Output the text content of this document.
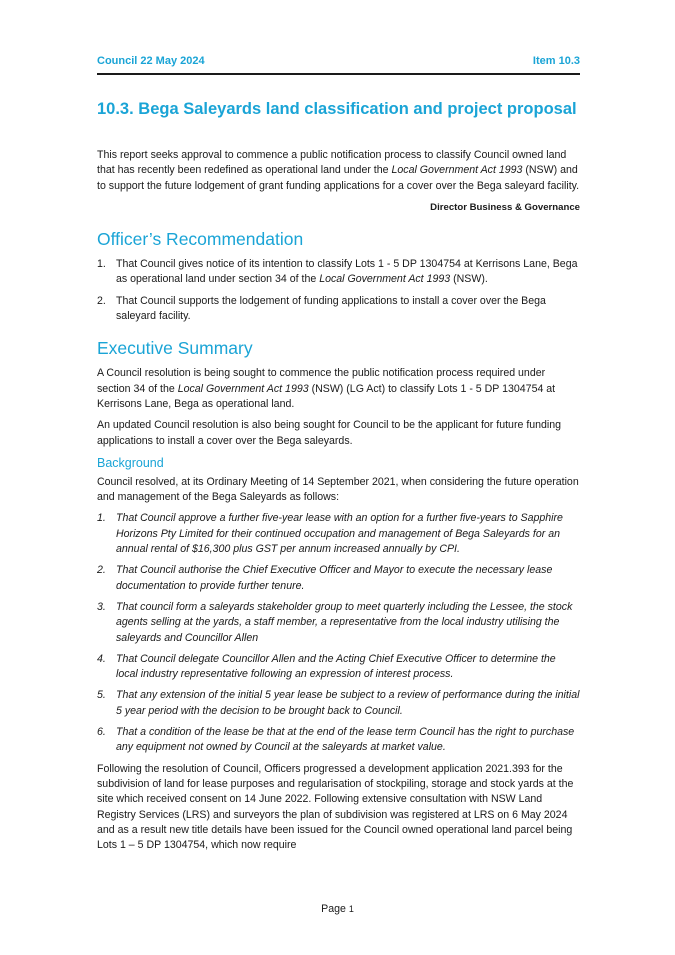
Council 22 May 2024	Item 10.3
10.3. Bega Saleyards land classification and project proposal

This report seeks approval to commence a public notification process to classify Council owned land that has recently been redefined as operational land under the Local Government Act 1993 (NSW) and to support the future lodgement of grant funding applications for a cover over the Bega saleyard facility.

Director Business & Governance
Officer’s Recommendation
1. That Council gives notice of its intention to classify Lots 1 - 5 DP 1304754 at Kerrisons Lane, Bega as operational land under section 34 of the Local Government Act 1993 (NSW).
2. That Council supports the lodgement of funding applications to install a cover over the Bega saleyard facility.
Executive Summary

A Council resolution is being sought to commence the public notification process required under section 34 of the Local Government Act 1993 (NSW) (LG Act) to classify Lots 1 - 5 DP 1304754 at Kerrisons Lane, Bega as operational land.

An updated Council resolution is also being sought for Council to be the applicant for future funding applications to install a cover over the Bega saleyards.

Background

Council resolved, at its Ordinary Meeting of 14 September 2021, when considering the future operation and management of the Bega Saleyards as follows:

1. That Council approve a further five-year lease with an option for a further five-years to Sapphire Horizons Pty Limited for their continued occupation and management of Bega Saleyards for an annual rental of $16,300 plus GST per annum increased annually by CPI.
2. That Council authorise the Chief Executive Officer and Mayor to execute the necessary lease documentation to provide further tenure.
3. That council form a saleyards stakeholder group to meet quarterly including the Lessee, the stock agents selling at the yards, a staff member, a representative from the local industry utilising the saleyards and Councillor Allen
4. That Council delegate Councillor Allen and the Acting Chief Executive Officer to determine the local industry representative following an expression of interest process.
5. That any extension of the initial 5 year lease be subject to a review of performance during the initial 5 year period with the decision to be brought back to Council.
6. That a condition of the lease be that at the end of the lease term Council has the right to purchase any equipment not owned by Council at the saleyards at market value.

Following the resolution of Council, Officers progressed a development application 2021.393 for the subdivision of land for lease purposes and regularisation of stockpiling, storage and stock yards at the site which received consent on 14 June 2022. Following extensive consultation with NSW Land Registry Services (LRS) and surveyors the plan of subdivision was registered at LRS on 6 May 2024 and as a result new title details have been issued for the Council owned operational land parcel being Lots 1 – 5 DP 1304754, which now require

Page 1
